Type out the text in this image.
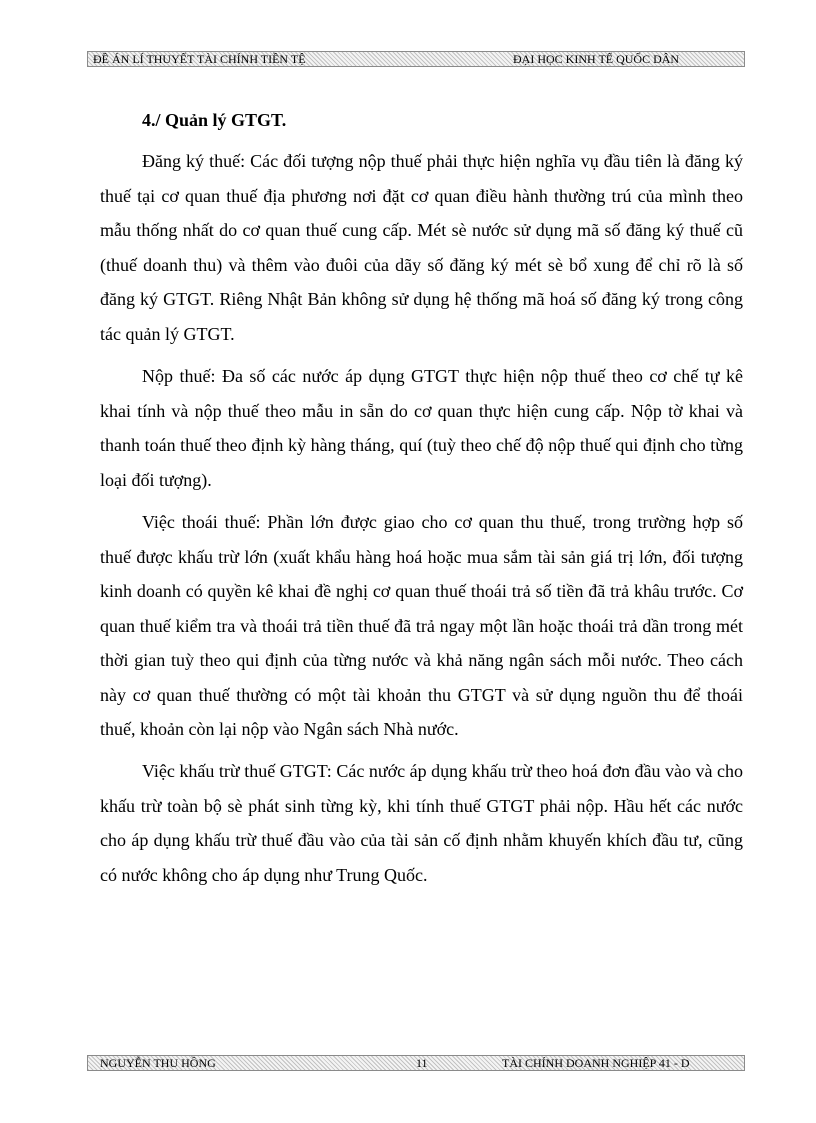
ĐỀ ÁN LÍ THUYẾT TÀI CHÍNH TIỀN TỆ	ĐẠI HỌC KINH TẾ QUỐC DÂN
4./ Quản lý GTGT.

Đăng ký thuế: Các đối tượng nộp thuế phải thực hiện nghĩa vụ đầu tiên là đăng ký thuế tại cơ quan thuế địa phương nơi đặt cơ quan điều hành thường trú của mình theo mẫu thống nhất do cơ quan thuế cung cấp. Mét sè nước sử dụng mã số đăng ký thuế cũ (thuế doanh thu) và thêm vào đuôi của dãy số đăng ký mét sè bổ xung để chỉ rõ là số đăng ký GTGT. Riêng Nhật Bản không sử dụng hệ thống mã hoá số đăng ký trong công tác quản lý GTGT.

Nộp thuế: Đa số các nước áp dụng GTGT thực hiện nộp thuế theo cơ chế tự kê khai tính và nộp thuế theo mẫu in sẵn do cơ quan thực hiện cung cấp. Nộp tờ khai và thanh toán thuế theo định kỳ hàng tháng, quí (tuỳ theo chế độ nộp thuế qui định cho từng loại đối tượng).

Việc thoái thuế: Phần lớn được giao cho cơ quan thu thuế, trong trường hợp số thuế được khấu trừ lớn (xuất khẩu hàng hoá hoặc mua sắm tài sản giá trị lớn, đối tượng kinh doanh có quyền kê khai đề nghị cơ quan thuế thoái trả số tiền đã trả khâu trước. Cơ quan thuế kiểm tra và thoái trả tiền thuế đã trả ngay một lần hoặc thoái trả dần trong mét thời gian tuỳ theo qui định của từng nước và khả năng ngân sách mỗi nước. Theo cách này cơ quan thuế thường có một tài khoản thu GTGT và sử dụng nguồn thu để thoái thuế, khoản còn lại nộp vào Ngân sách Nhà nước.

Việc khấu trừ thuế GTGT: Các nước áp dụng khấu trừ theo hoá đơn đầu vào và cho khấu trừ toàn bộ sè phát sinh từng kỳ, khi tính thuế GTGT phải nộp. Hầu hết các nước cho áp dụng khấu trừ thuế đầu vào của tài sản cố định nhằm khuyến khích đầu tư, cũng có nước không cho áp dụng như Trung Quốc.

NGUYỄN THU HỒNG	11	TÀI CHÍNH DOANH NGHIỆP 41 - D
